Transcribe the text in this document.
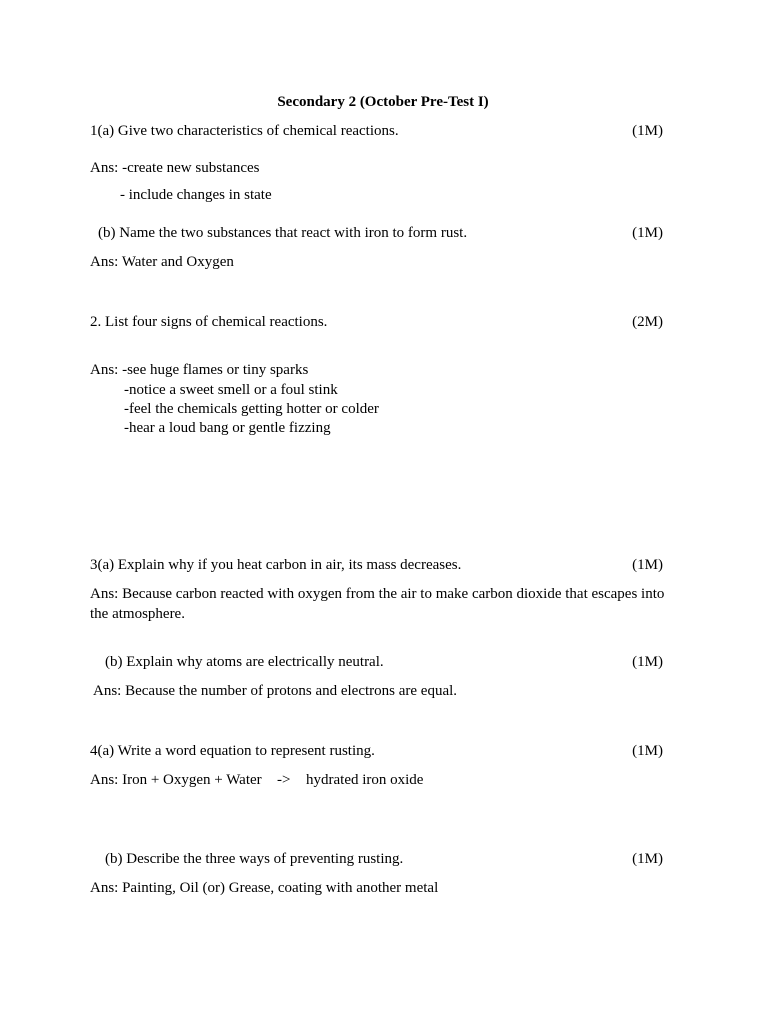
Secondary 2 (October Pre-Test I)
1(a) Give two characteristics of chemical reactions.	(1M)
Ans: -create new substances
- include changes in state
(b) Name the two substances that react with iron to form rust.	(1M)
Ans: Water and Oxygen
2. List four signs of chemical reactions.	(2M)
Ans: -see huge flames or tiny sparks
-notice a sweet smell or a foul stink
-feel the chemicals getting hotter or colder
-hear a loud bang or gentle fizzing
3(a) Explain why if you heat carbon in air, its mass decreases.	(1M)
Ans: Because carbon reacted with oxygen from the air to make carbon dioxide that escapes into the atmosphere.
(b) Explain why atoms are electrically neutral.	(1M)
Ans: Because the number of protons and electrons are equal.
4(a) Write a word equation to represent rusting.	(1M)
Ans: Iron + Oxygen + Water -> hydrated iron oxide
(b) Describe the three ways of preventing rusting.	(1M)
Ans: Painting, Oil (or) Grease, coating with another metal
